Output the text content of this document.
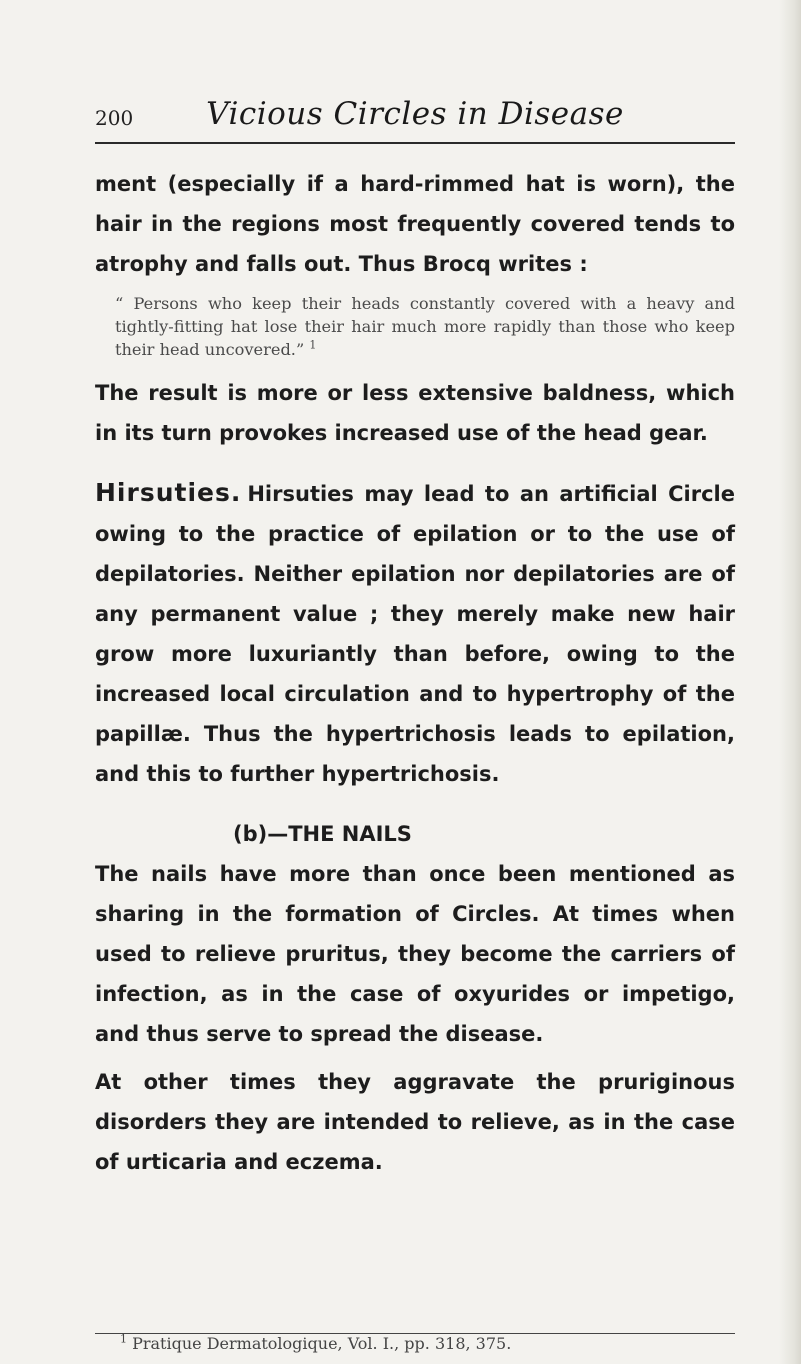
200 Vicious Circles in Disease

ment (especially if a hard-rimmed hat is worn), the hair in the regions most frequently covered tends to atrophy and falls out. Thus Brocq writes :

“ Persons who keep their heads constantly covered with a heavy and tightly-fitting hat lose their hair much more rapidly than those who keep their head uncovered.” $^1$

The result is more or less extensive baldness, which in its turn provokes increased use of the head gear.

Hirsuties. Hirsuties may lead to an artificial Circle owing to the practice of epilation or to the use of depilatories. Neither epilation nor depilatories are of any permanent value ; they merely make new hair grow more luxuriantly than before, owing to the increased local circulation and to hypertrophy of the papillæ. Thus the hypertrichosis leads to epilation, and this to further hypertrichosis.

(b)—THE NAILS

The nails have more than once been mentioned as sharing in the formation of Circles. At times when used to relieve pruritus, they become the carriers of infection, as in the case of oxyurides or impetigo, and thus serve to spread the disease.

At other times they aggravate the pruriginous disorders they are intended to relieve, as in the case of urticaria and eczema.

$^1$ Pratique Dermatologique, Vol. I., pp. 318, 375.
